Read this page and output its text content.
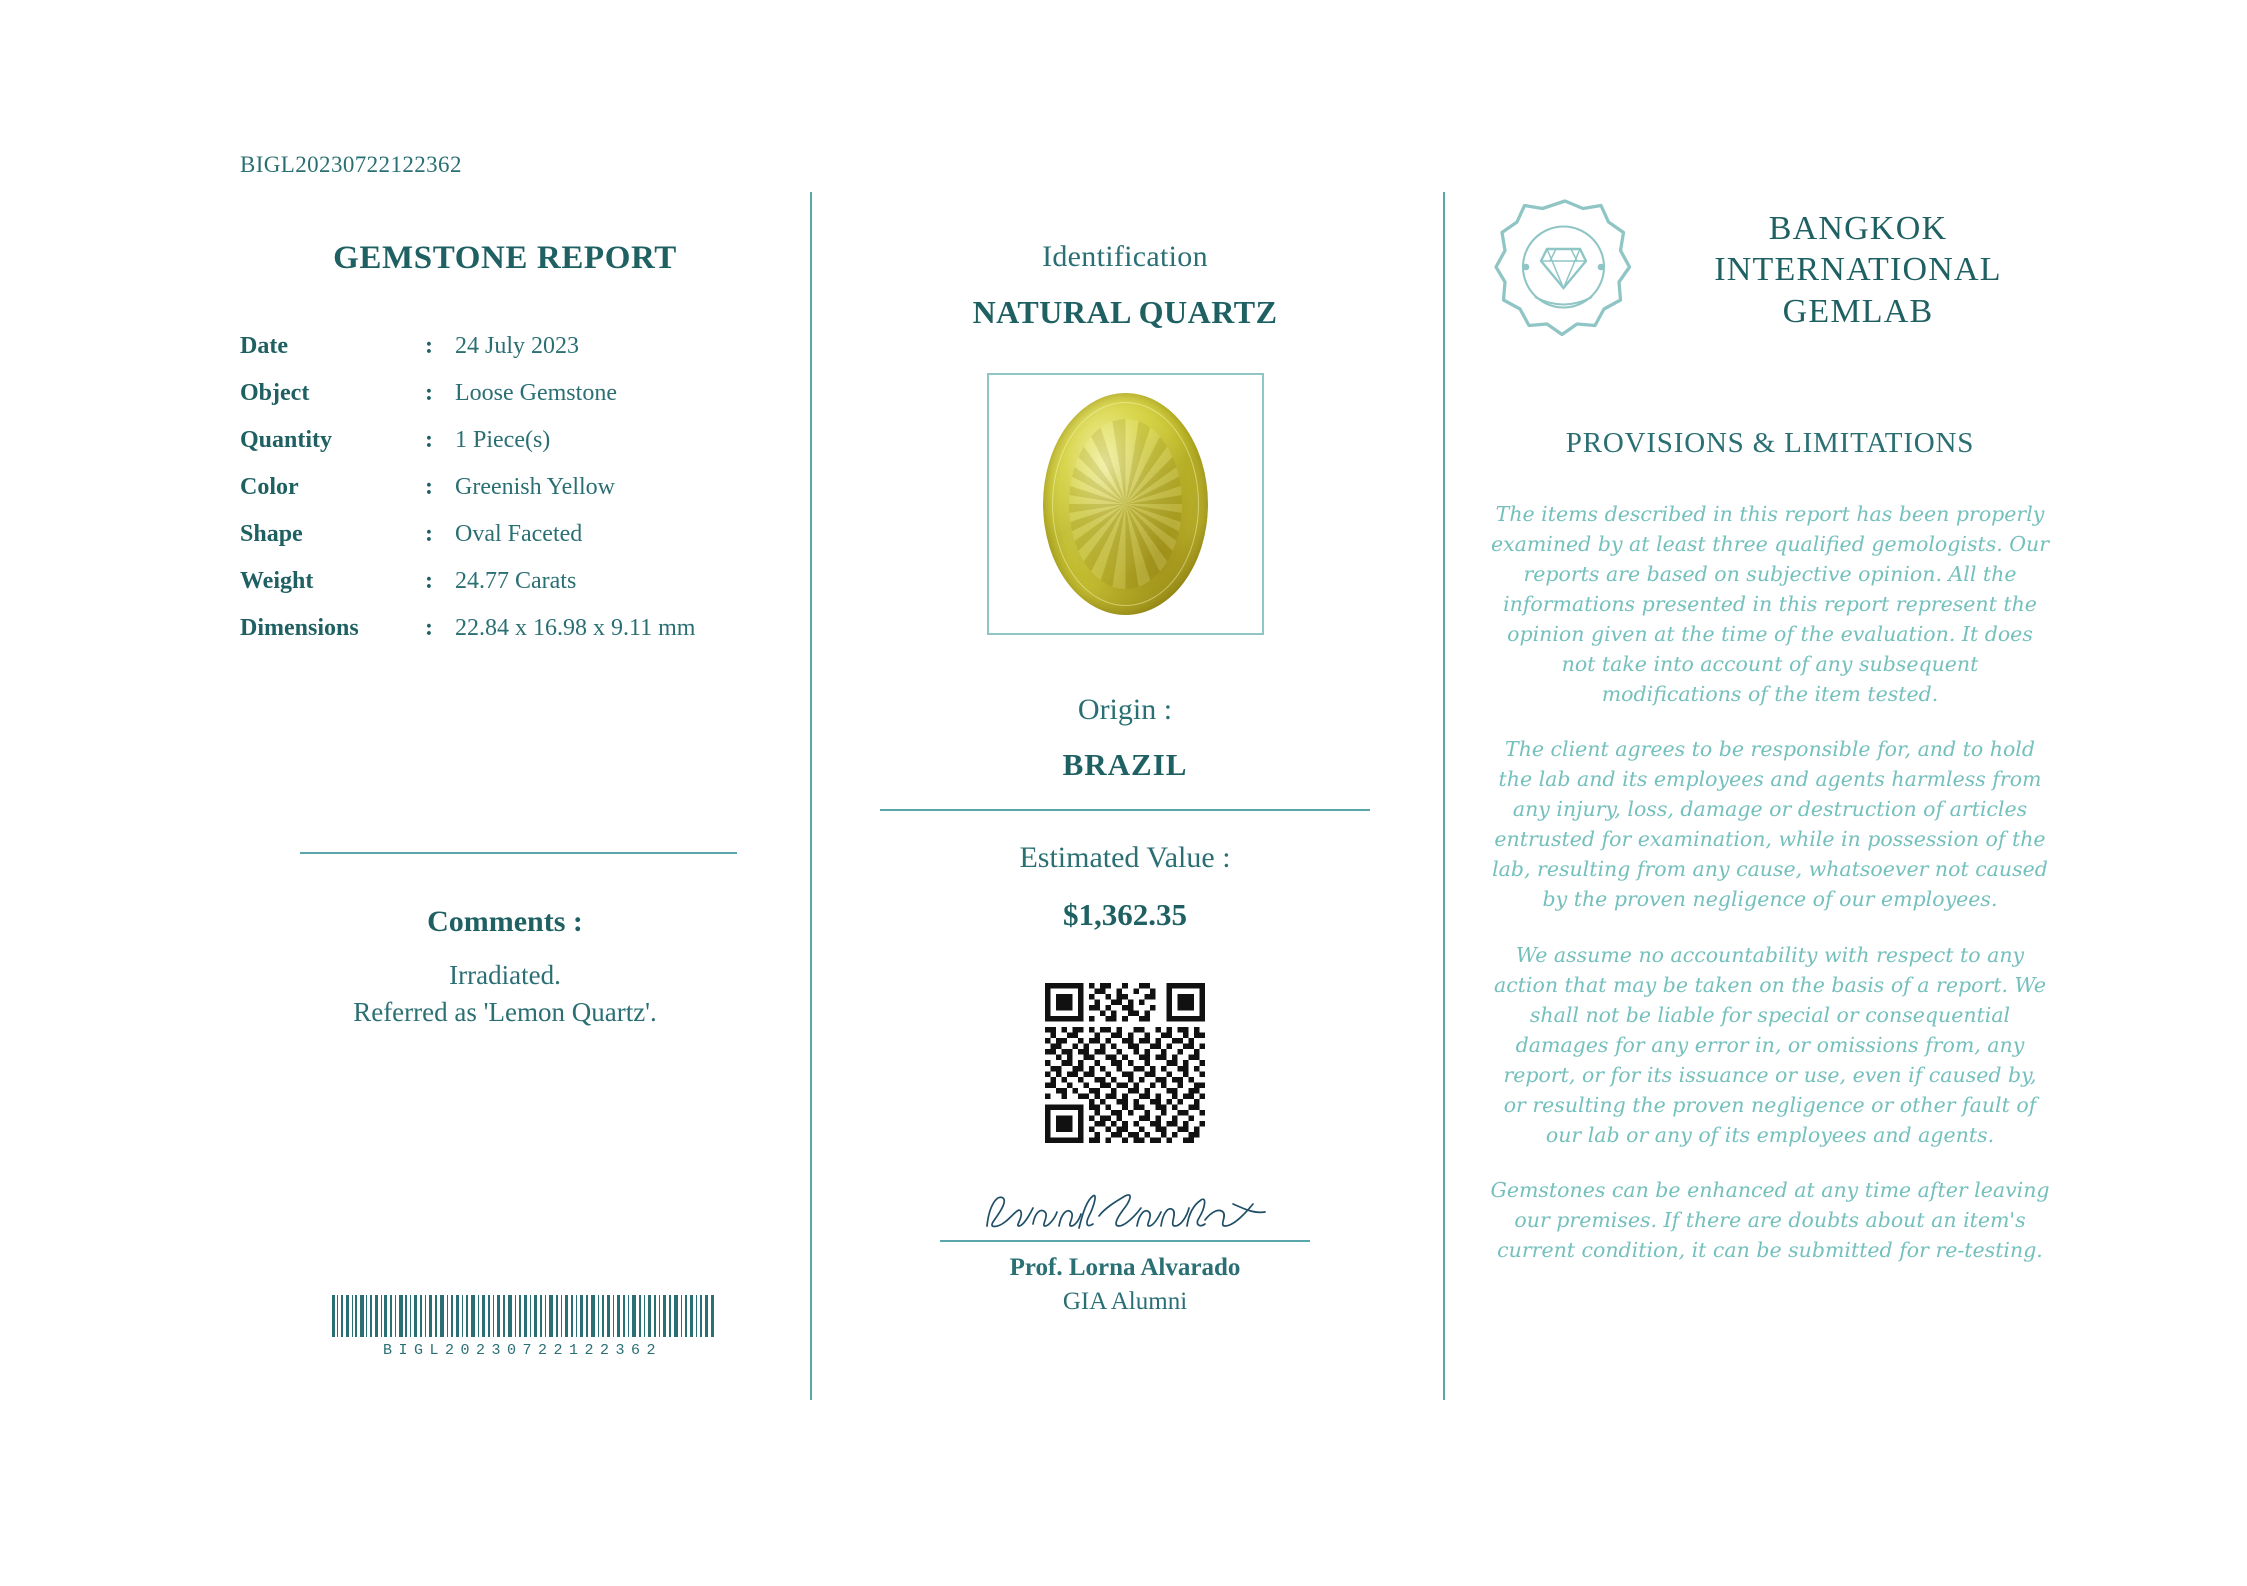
BIGL20230722122362
GEMSTONE REPORT
Date	:	24 July 2023
Object	:	Loose Gemstone
Quantity	:	1 Piece(s)
Color	:	Greenish Yellow
Shape	:	Oval Faceted
Weight	:	24.77 Carats
Dimensions	:	22.84 x 16.98 x 9.11 mm
Comments :
Irradiated.
Referred as 'Lemon Quartz'.
BIGL20230722122362
Identification
NATURAL QUARTZ
Origin :
BRAZIL
Estimated Value :
$1,362.35
Prof. Lorna Alvarado
GIA Alumni
BANGKOK
INTERNATIONAL
GEMLAB
PROVISIONS & LIMITATIONS

The items described in this report has been properly examined by at least three qualified gemologists. Our reports are based on subjective opinion. All the informations presented in this report represent the opinion given at the time of the evaluation. It does not take into account of any subsequent modifications of the item tested.

The client agrees to be responsible for, and to hold the lab and its employees and agents harmless from any injury, loss, damage or destruction of articles entrusted for examination, while in possession of the lab, resulting from any cause, whatsoever not caused by the proven negligence of our employees.

We assume no accountability with respect to any action that may be taken on the basis of a report. We shall not be liable for special or consequential damages for any error in, or omissions from, any report, or for its issuance or use, even if caused by, or resulting the proven negligence or other fault of our lab or any of its employees and agents.

Gemstones can be enhanced at any time after leaving our premises. If there are doubts about an item's current condition, it can be submitted for re-testing.
